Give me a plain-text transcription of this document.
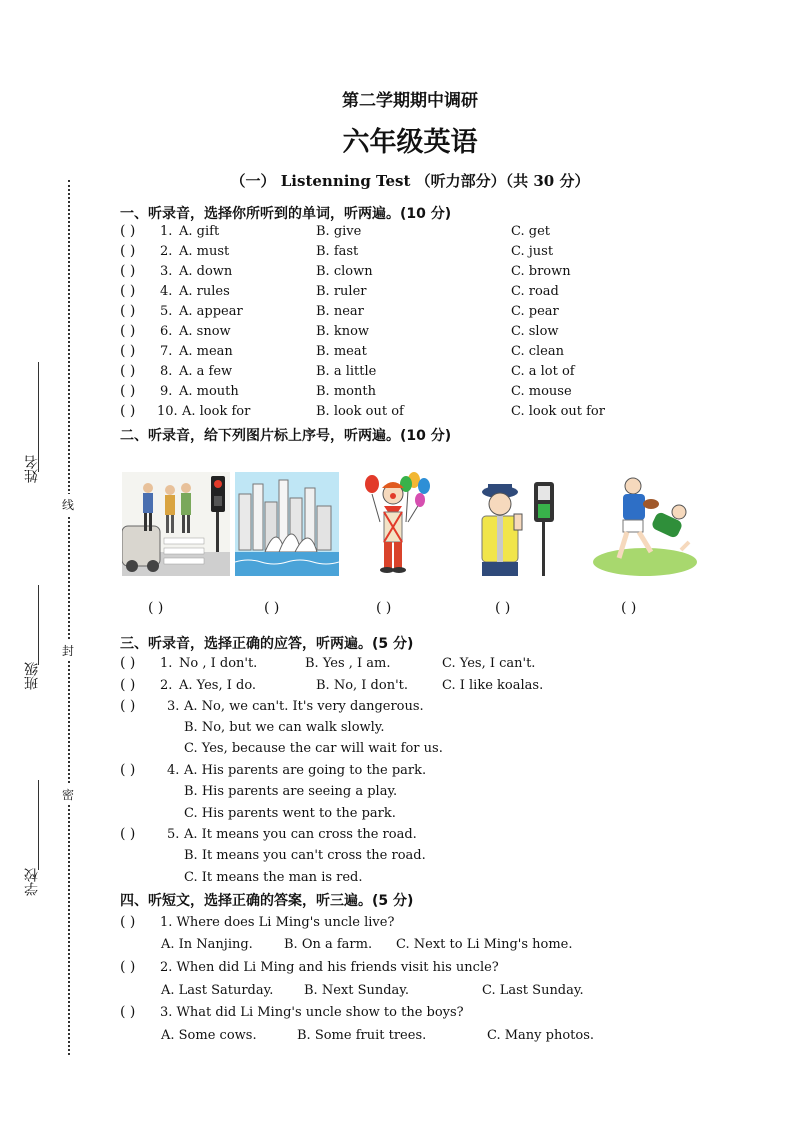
第二学期期中调研
六年级英语
（一） Listenning Test （听力部分）（共 30 分）
姓名
班级
学校
线
封
密
一、听录音，选择你所听到的单词，听两遍。(10 分)
( ) 1. A. gift	B. give	C. get
( ) 2. A. must	B. fast	C. just
( ) 3. A. down	B. clown	C. brown
( ) 4. A. rules	B. ruler	C. road
( ) 5. A. appear	B. near	C. pear
( ) 6. A. snow	B. know	C. slow
( ) 7. A. mean	B. meat	C. clean
( ) 8. A. a few	B. a little	C. a lot of
( ) 9. A. mouth	B. month	C. mouse
( ) 10. A. look for	B. look out of	C. look out for
二、听录音，给下列图片标上序号，听两遍。(10 分)
( )	( )	( )	( )	( )
三、听录音，选择正确的应答，听两遍。(5 分)
( ) 1. No , I don't.	B. Yes , I am.	C. Yes, I can't.
( ) 2. A. Yes, I do.	B. No, I don't.	C. I like koalas.
( ) 3. A. No, we can't. It's very dangerous.
B. No, but we can walk slowly.
C. Yes, because the car will wait for us.
( ) 4. A. His parents are going to the park.
B. His parents are seeing a play.
C. His parents went to the park.
( ) 5. A. It means you can cross the road.
B. It means you can't cross the road.
C. It means the man is red.
四、听短文，选择正确的答案，听三遍。(5 分)
( ) 1. Where does Li Ming's uncle live?
A. In Nanjing. B. On a farm. C. Next to Li Ming's home.
( ) 2. When did Li Ming and his friends visit his uncle?
A. Last Saturday. B. Next Sunday.	C. Last Sunday.
( ) 3. What did Li Ming's uncle show to the boys?
A. Some cows.	B. Some fruit trees.	C. Many photos.
